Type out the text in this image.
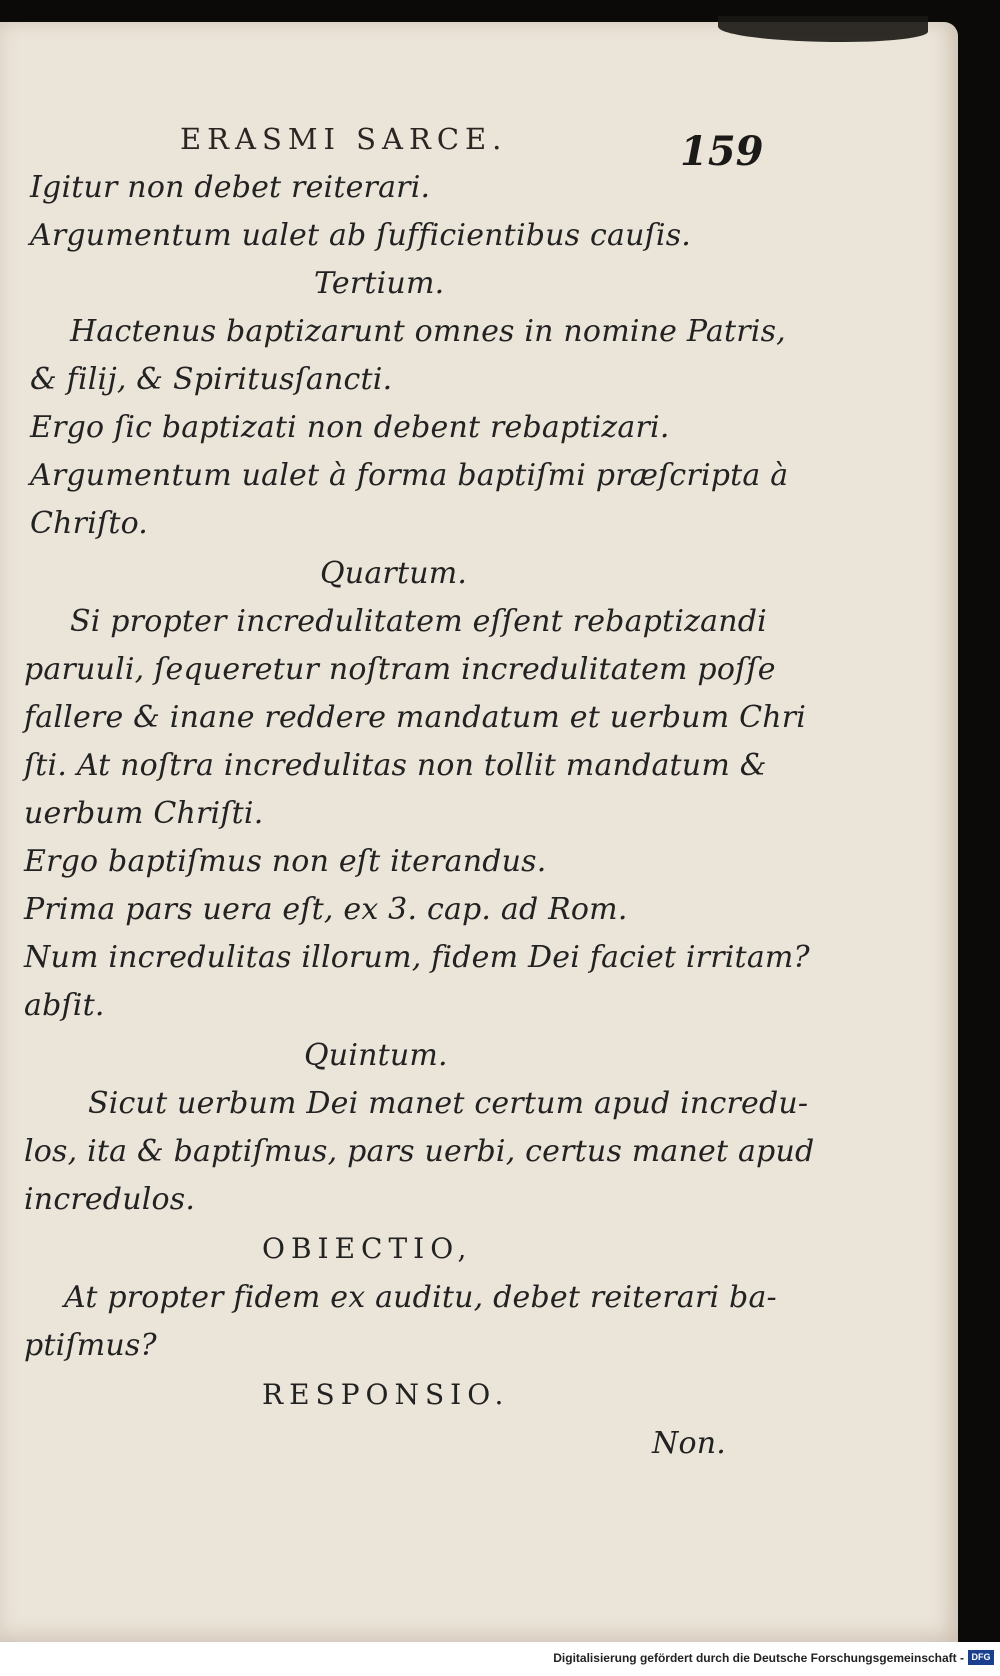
ERASMI SARCE.	159
Igitur non debet reiterari.
Argumentum ualet ab ſufficientibus cauſis.
Tertium.
Hactenus baptizarunt omnes in nomine Patris,
& filij, & Spiritusſancti.
Ergo ſic baptizati non debent rebaptizari.
Argumentum ualet à forma baptiſmi præſcripta à
Chriſto.
Quartum.
Si propter incredulitatem eſſent rebaptizandi
paruuli, ſequeretur noſtram incredulitatem poſſe
fallere & inane reddere mandatum et uerbum Chri
ſti. At noſtra incredulitas non tollit mandatum &
uerbum Chriſti.
Ergo baptiſmus non eſt iterandus.
Prima pars uera eſt, ex 3. cap. ad Rom.
Num incredulitas illorum, fidem Dei faciet irritam?
abſit.
Quintum.
Sicut uerbum Dei manet certum apud incredu-
los, ita & baptiſmus, pars uerbi, certus manet apud
incredulos.
OBIECTIO,
At propter fidem ex auditu, debet reiterari ba-
ptiſmus?
RESPONSIO.
Non.
Digitalisierung gefördert durch die Deutsche Forschungsgemeinschaft - DFG
